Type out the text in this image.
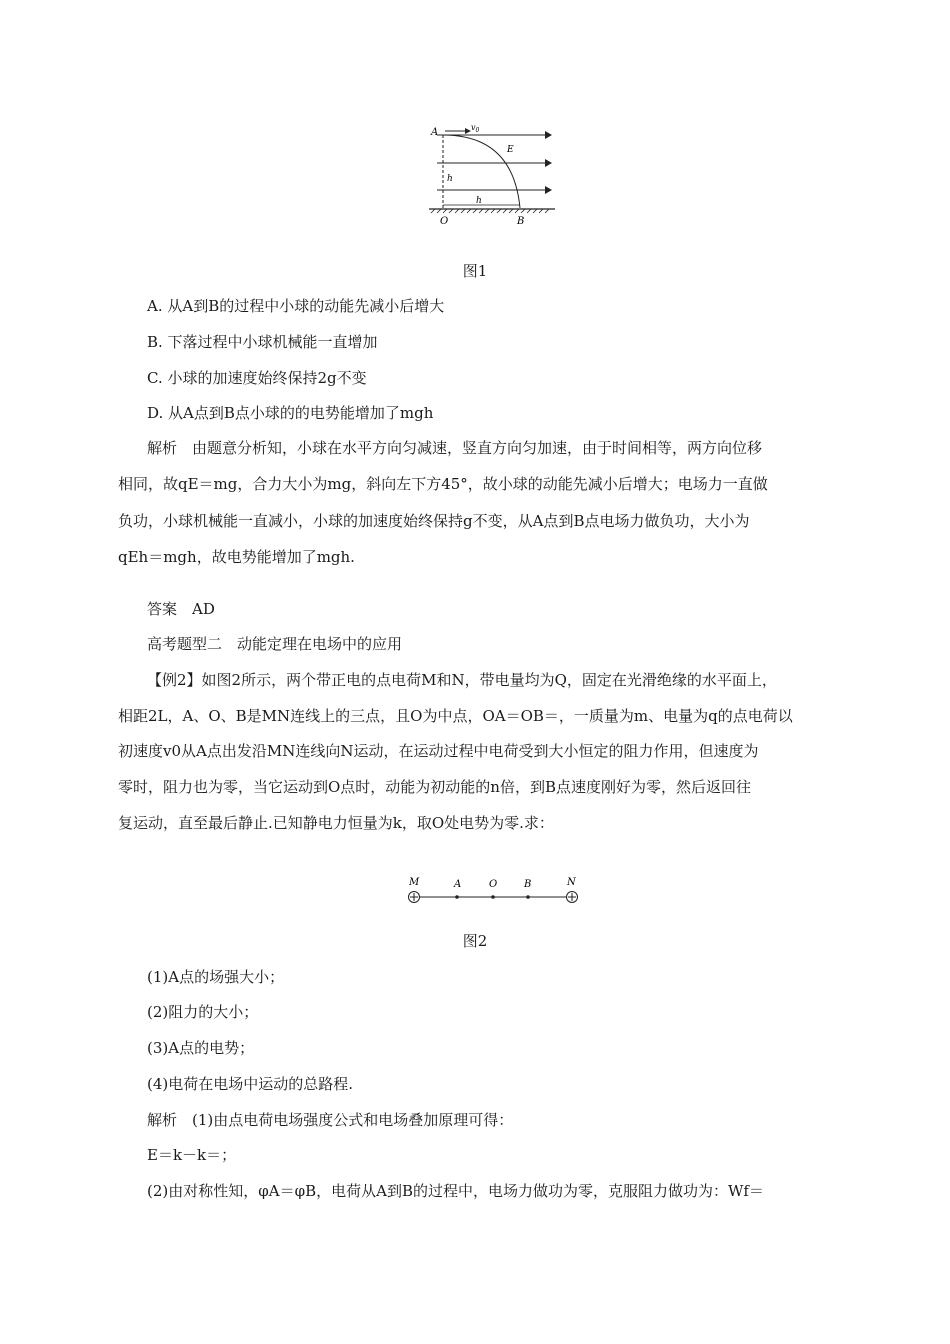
A	$v_0$
E
h
h
O	B
图1
A. 从A到B的过程中小球的动能先减小后增大
B. 下落过程中小球机械能一直增加
C. 小球的加速度始终保持2g不变
D. 从A点到B点小球的的电势能增加了mgh
解析　由题意分析知，小球在水平方向匀减速，竖直方向匀加速，由于时间相等，两方向位移
相同，故qE＝mg，合力大小为mg，斜向左下方45°，故小球的动能先减小后增大；电场力一直做
负功，小球机械能一直减小，小球的加速度始终保持g不变，从A点到B点电场力做负功，大小为
qEh＝mgh，故电势能增加了mgh.
答案　AD
高考题型二　动能定理在电场中的应用
【例2】如图2所示，两个带正电的点电荷M和N，带电量均为Q，固定在光滑绝缘的水平面上，
相距2L，A、O、B是MN连线上的三点，且O为中点，OA＝OB＝，一质量为m、电量为q的点电荷以
初速度v0从A点出发沿MN连线向N运动，在运动过程中电荷受到大小恒定的阻力作用，但速度为
零时，阻力也为零，当它运动到O点时，动能为初动能的n倍，到B点速度刚好为零，然后返回往
复运动，直至最后静止.已知静电力恒量为k，取O处电势为零.求：
M	A	O	B	N
图2
(1)A点的场强大小；
(2)阻力的大小；
(3)A点的电势；
(4)电荷在电场中运动的总路程.
解析　(1)由点电荷电场强度公式和电场叠加原理可得：
E＝k－k＝；
(2)由对称性知，φA＝φB，电荷从A到B的过程中，电场力做功为零，克服阻力做功为：Wf＝
